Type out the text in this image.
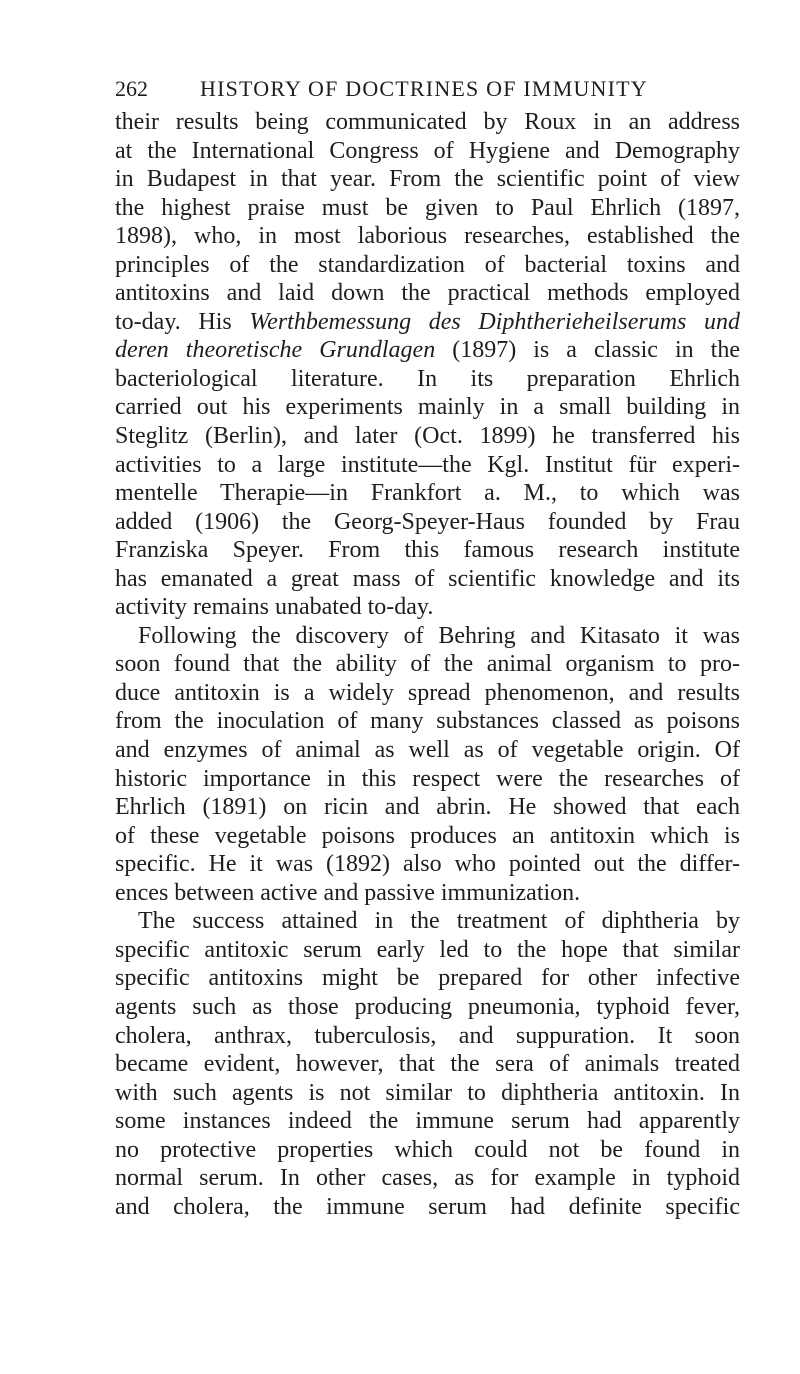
262 HISTORY OF DOCTRINES OF IMMUNITY
their results being communicated by Roux in an address
at the International Congress of Hygiene and Demography
in Budapest in that year. From the scientific point of view
the highest praise must be given to Paul Ehrlich (1897,
1898), who, in most laborious researches, established the
principles of the standardization of bacterial toxins and
antitoxins and laid down the practical methods employed
to-day. His Werthbemessung des Diphtherieheilserums und
deren theoretische Grundlagen (1897) is a classic in the
bacteriological literature. In its preparation Ehrlich
carried out his experiments mainly in a small building in
Steglitz (Berlin), and later (Oct. 1899) he transferred his
activities to a large institute—the Kgl. Institut für experi-
mentelle Therapie—in Frankfort a. M., to which was
added (1906) the Georg-Speyer-Haus founded by Frau
Franziska Speyer. From this famous research institute
has emanated a great mass of scientific knowledge and its
activity remains unabated to-day.
Following the discovery of Behring and Kitasato it was
soon found that the ability of the animal organism to pro-
duce antitoxin is a widely spread phenomenon, and results
from the inoculation of many substances classed as poisons
and enzymes of animal as well as of vegetable origin. Of
historic importance in this respect were the researches of
Ehrlich (1891) on ricin and abrin. He showed that each
of these vegetable poisons produces an antitoxin which is
specific. He it was (1892) also who pointed out the differ-
ences between active and passive immunization.
The success attained in the treatment of diphtheria by
specific antitoxic serum early led to the hope that similar
specific antitoxins might be prepared for other infective
agents such as those producing pneumonia, typhoid fever,
cholera, anthrax, tuberculosis, and suppuration. It soon
became evident, however, that the sera of animals treated
with such agents is not similar to diphtheria antitoxin. In
some instances indeed the immune serum had apparently
no protective properties which could not be found in
normal serum. In other cases, as for example in typhoid
and cholera, the immune serum had definite specific
